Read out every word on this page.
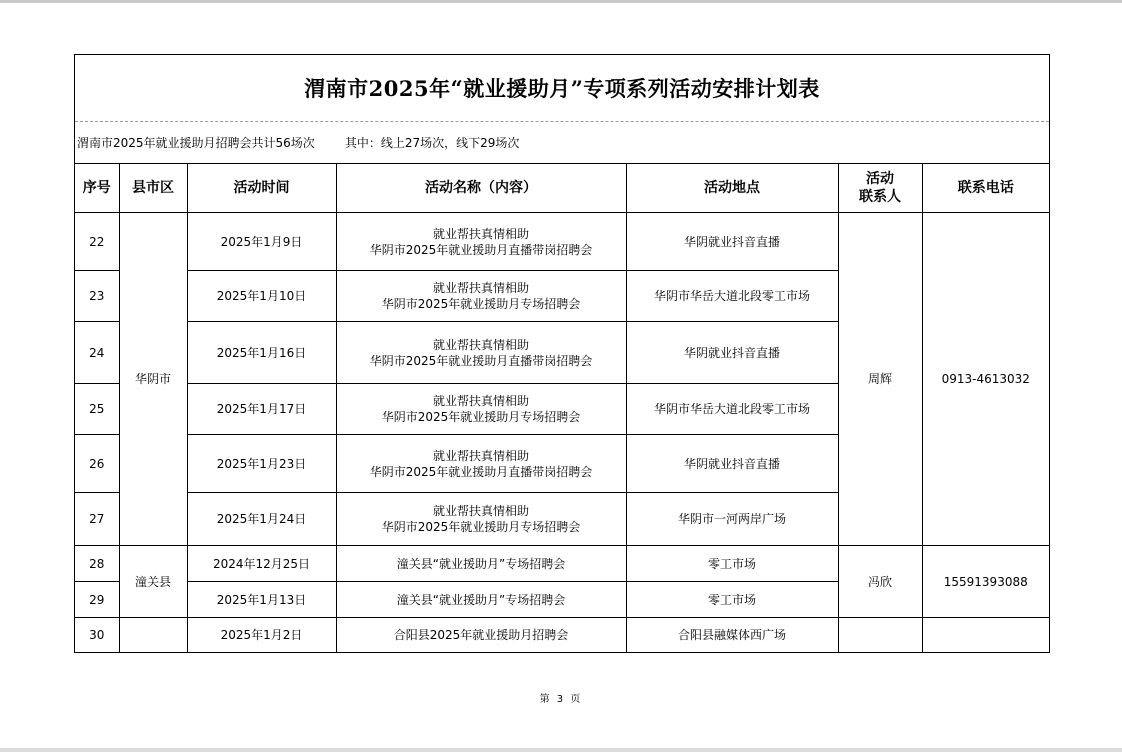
渭南市2025年“就业援助月”专项系列活动安排计划表
渭南市2025年就业援助月招聘会共计56场次	其中：线上27场次，线下29场次
序号	县市区	活动时间	活动名称（内容）	活动地点	活动
联系人	联系电话
22	华阴市	2025年1月9日	就业帮扶真情相助
华阴市2025年就业援助月直播带岗招聘会	华阴就业抖音直播	周辉	0913-4613032
23		2025年1月10日	就业帮扶真情相助
华阴市2025年就业援助月专场招聘会	华阴市华岳大道北段零工市场		
24		2025年1月16日	就业帮扶真情相助
华阴市2025年就业援助月直播带岗招聘会	华阴就业抖音直播		
25		2025年1月17日	就业帮扶真情相助
华阴市2025年就业援助月专场招聘会	华阴市华岳大道北段零工市场		
26		2025年1月23日	就业帮扶真情相助
华阴市2025年就业援助月直播带岗招聘会	华阴就业抖音直播		
27		2025年1月24日	就业帮扶真情相助
华阴市2025年就业援助月专场招聘会	华阴市一河两岸广场		
28	潼关县	2024年12月25日	潼关县“就业援助月”专场招聘会	零工市场	冯欣	15591393088
29		2025年1月13日	潼关县“就业援助月”专场招聘会	零工市场		
30		2025年1月2日	合阳县2025年就业援助月招聘会	合阳县融媒体西广场		
第 3 页
